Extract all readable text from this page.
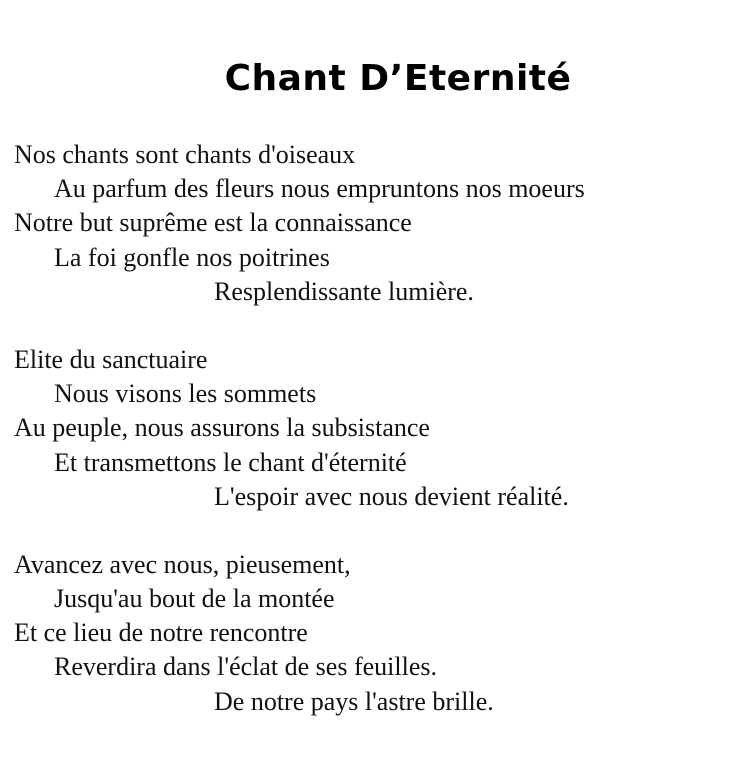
Chant D’Eternité
Nos chants sont chants d'oiseaux
Au parfum des fleurs nous empruntons nos moeurs
Notre but suprême est la connaissance
La foi gonfle nos poitrines
Resplendissante lumière.
Elite du sanctuaire
Nous visons les sommets
Au peuple, nous assurons la subsistance
Et transmettons le chant d'éternité
L'espoir avec nous devient réalité.
Avancez avec nous, pieusement,
Jusqu'au bout de la montée
Et ce lieu de notre rencontre
Reverdira dans l'éclat de ses feuilles.
De notre pays l'astre brille.
